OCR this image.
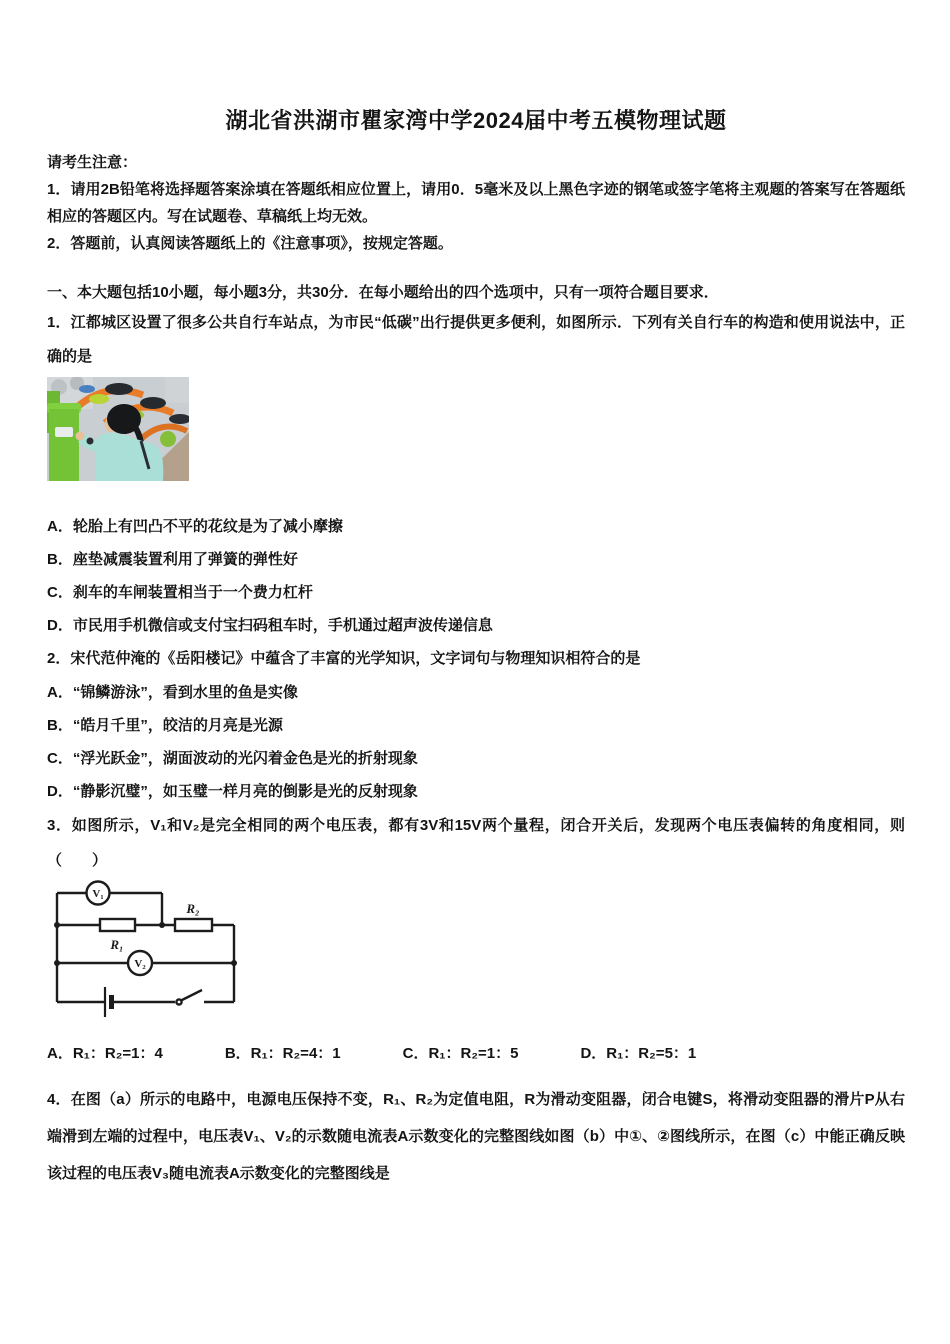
湖北省洪湖市瞿家湾中学2024届中考五模物理试题
请考生注意：
1．请用2B铅笔将选择题答案涂填在答题纸相应位置上，请用0．5毫米及以上黑色字迹的钢笔或签字笔将主观题的答案写在答题纸相应的答题区内。写在试题卷、草稿纸上均无效。
2．答题前，认真阅读答题纸上的《注意事项》，按规定答题。
一、本大题包括10小题，每小题3分，共30分．在每小题给出的四个选项中，只有一项符合题目要求．
1．江都城区设置了很多公共自行车站点，为市民“低碳”出行提供更多便利，如图所示．下列有关自行车的构造和使用说法中，正确的是
A．轮胎上有凹凸不平的花纹是为了减小摩擦
B．座垫减震装置利用了弹簧的弹性好
C．刹车的车闸装置相当于一个费力杠杆
D．市民用手机微信或支付宝扫码租车时，手机通过超声波传递信息
2．宋代范仲淹的《岳阳楼记》中蕴含了丰富的光学知识，文字词句与物理知识相符合的是
A．“锦鳞游泳”，看到水里的鱼是实像
B．“皓月千里”，皎洁的月亮是光源
C．“浮光跃金”，湖面波动的光闪着金色是光的折射现象
D．“静影沉璧”，如玉璧一样月亮的倒影是光的反射现象
3．如图所示，V₁和V₂是完全相同的两个电压表，都有3V和15V两个量程，闭合开关后，发现两个电压表偏转的角度相同，则（　　）
V₁
V₂
R₁
R₂
A．R₁：R₂=1：4	B．R₁：R₂=4：1	C．R₁：R₂=1：5	D．R₁：R₂=5：1
4．在图（a）所示的电路中，电源电压保持不变，R₁、R₂为定值电阻，R为滑动变阻器，闭合电键S，将滑动变阻器的滑片P从右端滑到左端的过程中，电压表V₁、V₂的示数随电流表A示数变化的完整图线如图（b）中①、②图线所示，在图（c）中能正确反映该过程的电压表V₃随电流表A示数变化的完整图线是
